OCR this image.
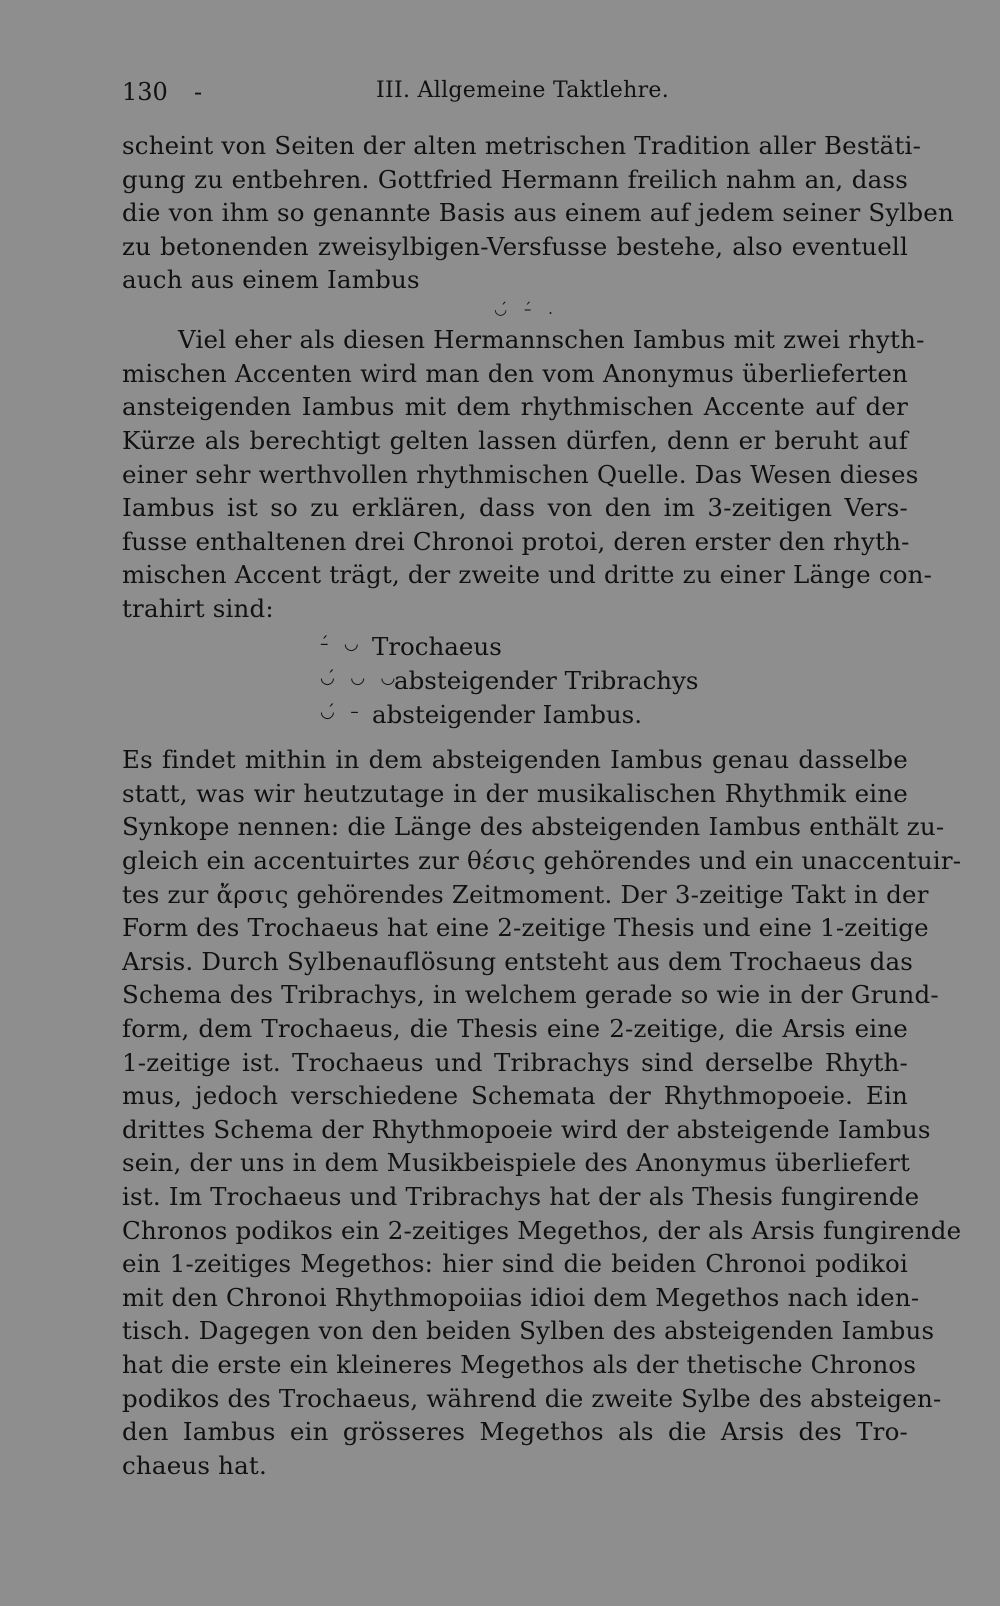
130 -	III. Allgemeine Taktlehre.
scheint von Seiten der alten metrischen Tradition aller Bestäti-
gung zu entbehren. Gottfried Hermann freilich nahm an, dass
die von ihm so genannte Basis aus einem auf jedem seiner Sylben
zu betonenden zweisylbigen-Versfusse bestehe, also eventuell
auch aus einem Iambus
◡́ –́ .
Viel eher als diesen Hermannschen Iambus mit zwei rhyth-
mischen Accenten wird man den vom Anonymus überlieferten
ansteigenden Iambus mit dem rhythmischen Accente auf der
Kürze als berechtigt gelten lassen dürfen, denn er beruht auf
einer sehr werthvollen rhythmischen Quelle. Das Wesen dieses
Iambus ist so zu erklären, dass von den im 3-zeitigen Vers-
fusse enthaltenen drei Chronoi protoi, deren erster den rhyth-
mischen Accent trägt, der zweite und dritte zu einer Länge con-
trahirt sind:
–́ ◡ Trochaeus
◡́ ◡ ◡
absteigender Tribrachys
◡́ – absteigender Iambus.
Es findet mithin in dem absteigenden Iambus genau dasselbe
statt, was wir heutzutage in der musikalischen Rhythmik eine
Synkope nennen: die Länge des absteigenden Iambus enthält zu-
gleich ein accentuirtes zur θέσις gehörendes und ein unaccentuir-
tes zur ἄρσις gehörendes Zeitmoment. Der 3-zeitige Takt in der
Form des Trochaeus hat eine 2-zeitige Thesis und eine 1-zeitige
Arsis. Durch Sylbenauflösung entsteht aus dem Trochaeus das
Schema des Tribrachys, in welchem gerade so wie in der Grund-
form, dem Trochaeus, die Thesis eine 2-zeitige, die Arsis eine
1-zeitige ist. Trochaeus und Tribrachys sind derselbe Rhyth-
mus, jedoch verschiedene Schemata der Rhythmopoeie. Ein
drittes Schema der Rhythmopoeie wird der absteigende Iambus
sein, der uns in dem Musikbeispiele des Anonymus überliefert
ist. Im Trochaeus und Tribrachys hat der als Thesis fungirende
Chronos podikos ein 2-zeitiges Megethos, der als Arsis fungirende
ein 1-zeitiges Megethos: hier sind die beiden Chronoi podikoi
mit den Chronoi Rhythmopoiias idioi dem Megethos nach iden-
tisch. Dagegen von den beiden Sylben des absteigenden Iambus
hat die erste ein kleineres Megethos als der thetische Chronos
podikos des Trochaeus, während die zweite Sylbe des absteigen-
den Iambus ein grösseres Megethos als die Arsis des Tro-
chaeus hat.
